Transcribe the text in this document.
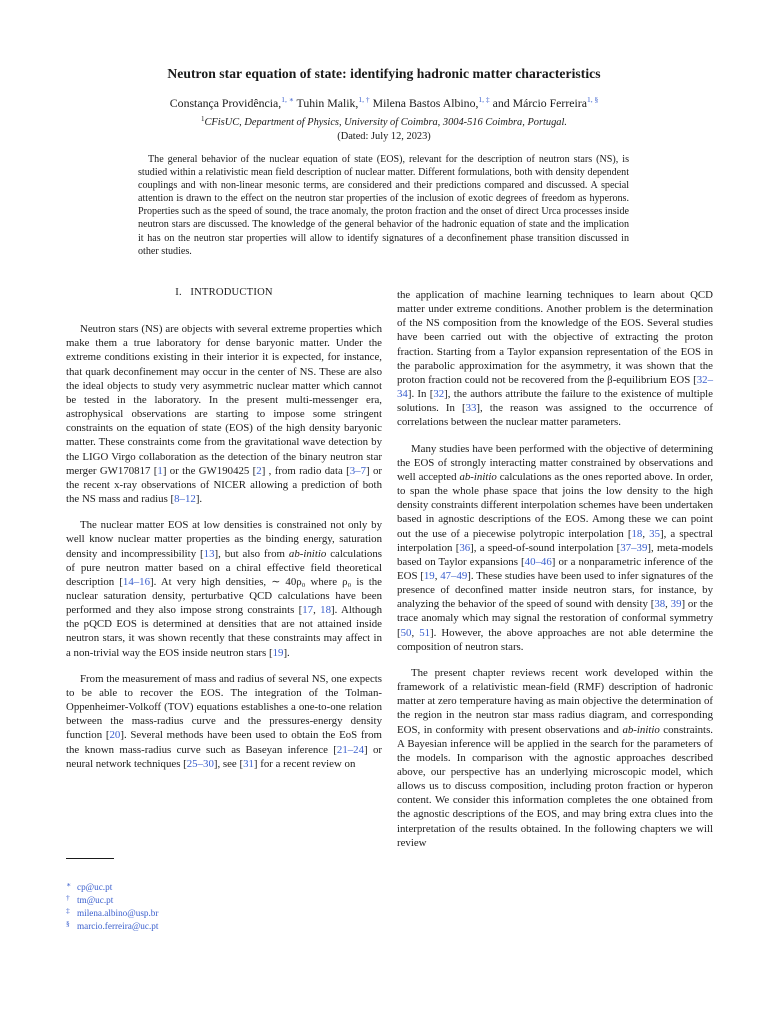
Neutron star equation of state: identifying hadronic matter characteristics
Constança Providência,$^{1, ∗}$ Tuhin Malik,$^{1, \dagger}$ Milena Bastos Albino,$^{1, \ddagger}$ and Márcio Ferreira$^{1, \S}$
$^1$CFisUC, Department of Physics, University of Coimbra, 3004-516 Coimbra, Portugal.
(Dated: July 12, 2023)
The general behavior of the nuclear equation of state (EOS), relevant for the description of neutron stars (NS), is studied within a relativistic mean field description of nuclear matter. Different formulations, both with density dependent couplings and with non-linear mesonic terms, are considered and their predictions compared and discussed. A special attention is drawn to the effect on the neutron star properties of the inclusion of exotic degrees of freedom as hyperons. Properties such as the speed of sound, the trace anomaly, the proton fraction and the onset of direct Urca processes inside neutron stars are discussed. The knowledge of the general behavior of the hadronic equation of state and the implication it has on the neutron star properties will allow to identify signatures of a deconfinement phase transition discussed in other studies.
I. INTRODUCTION

Neutron stars (NS) are objects with several extreme properties which make them a true laboratory for dense baryonic matter. Under the extreme conditions existing in their interior it is expected, for instance, that quark deconfinement may occur in the center of NS. These are also the ideal objects to study very asymmetric nuclear matter which cannot be tested in the laboratory. In the present multi-messenger era, astrophysical observations are starting to impose some stringent constraints on the equation of state (EOS) of the high density baryonic matter. These constraints come from the gravitational wave detection by the LIGO Virgo collaboration as the detection of the binary neutron star merger GW170817 [1] or the GW190425 [2] , from radio data [3–7] or the recent x-ray observations of NICER allowing a prediction of both the NS mass and radius [8–12].

The nuclear matter EOS at low densities is constrained not only by well know nuclear matter properties as the binding energy, saturation density and incompressibility [13], but also from ab-initio calculations of pure neutron matter based on a chiral effective field theoretical description [14–16]. At very high densities, ∼ 40ρ₀ where ρ₀ is the nuclear saturation density, perturbative QCD calculations have been performed and they also impose strong constraints [17, 18]. Although the pQCD EOS is determined at densities that are not attained inside neutron stars, it was shown recently that these constraints may affect in a non-trivial way the EOS inside neutron stars [19].

From the measurement of mass and radius of several NS, one expects to be able to recover the EOS. The integration of the Tolman-Oppenheimer-Volkoff (TOV) equations establishes a one-to-one relation between the mass-radius curve and the pressures-energy density function [20]. Several methods have been used to obtain the EoS from the known mass-radius curve such as Baseyan inference [21–24] or neural network techniques [25–30], see [31] for a recent review on

the application of machine learning techniques to learn about QCD matter under extreme conditions. Another problem is the determination of the NS composition from the knowledge of the EOS. Several studies have been carried out with the objective of extracting the proton fraction. Starting from a Taylor expansion representation of the EOS in the parabolic approximation for the asymmetry, it was shown that the proton fraction could not be recovered from the β-equilibrium EOS [32–34]. In [32], the authors attribute the failure to the existence of multiple solutions. In [33], the reason was assigned to the occurrence of correlations between the nuclear matter parameters.

Many studies have been performed with the objective of determining the EOS of strongly interacting matter constrained by observations and well accepted ab-initio calculations as the ones reported above. In order, to span the whole phase space that joins the low density to the high density constraints different interpolation schemes have been undertaken based in agnostic descriptions of the EOS. Among these we can point out the use of a piecewise polytropic interpolation [18, 35], a spectral interpolation [36], a speed-of-sound interpolation [37–39], meta-models based on Taylor expansions [40–46] or a nonparametric inference of the EOS [19, 47–49]. These studies have been used to infer signatures of the presence of deconfined matter inside neutron stars, for instance, by analyzing the behavior of the speed of sound with density [38, 39] or the trace anomaly which may signal the restoration of conformal symmetry [50, 51]. However, the above approaches are not able determine the composition of neutron stars.

The present chapter reviews recent work developed within the framework of a relativistic mean-field (RMF) description of hadronic matter at zero temperature having as main objective the determination of the region in the neutron star mass radius diagram, and corresponding EOS, in conformity with present observations and ab-initio constraints. A Bayesian inference will be applied in the search for the parameters of the models. In comparison with the agnostic approaches described above, our perspective has an underlying microscopic model, which allows us to discuss composition, including proton fraction or hyperon content. We consider this information completes the one obtained from the agnostic descriptions of the EOS, and may bring extra clues into the interpretation of the results obtained. In the following chapters we will review

∗ cp@uc.pt
† tm@uc.pt
‡ milena.albino@usp.br
§ marcio.ferreira@uc.pt
